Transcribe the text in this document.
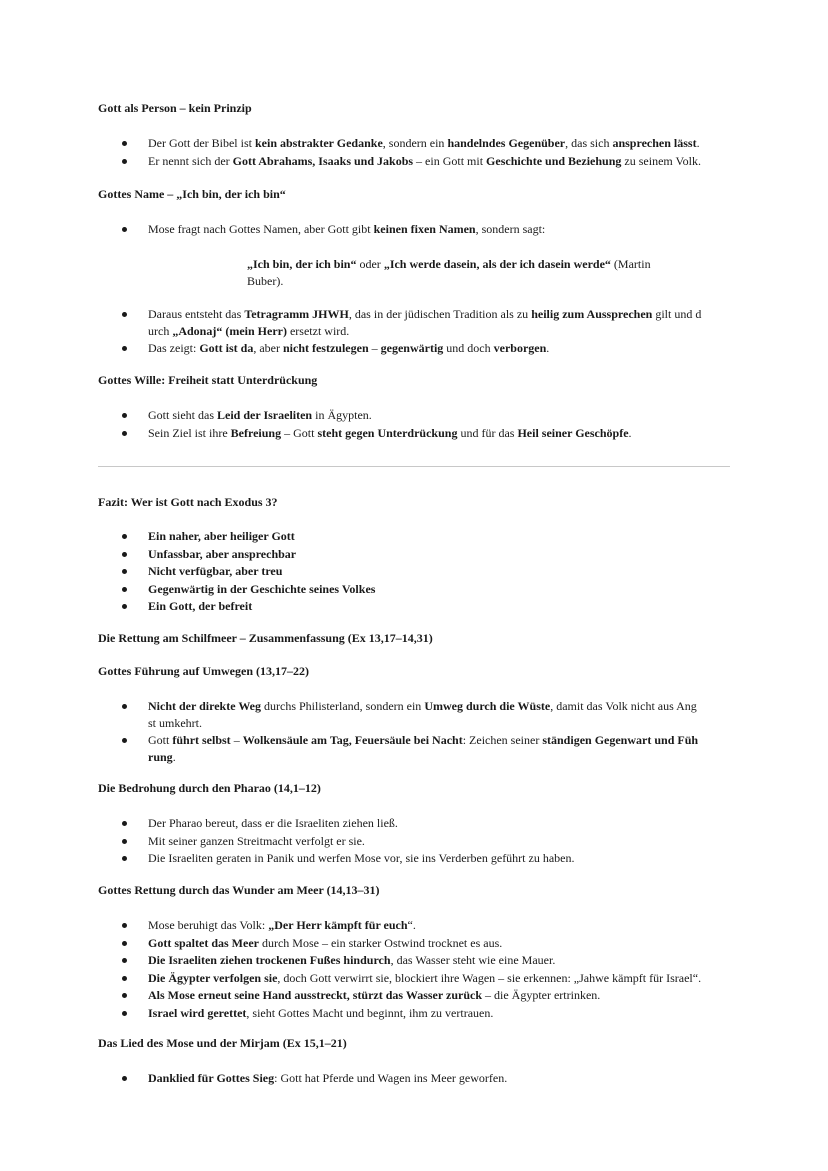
Gott als Person – kein Prinzip
Der Gott der Bibel ist kein abstrakter Gedanke, sondern ein handelndes Gegenüber, das sich ansprechen lässt.
Er nennt sich der Gott Abrahams, Isaaks und Jakobs – ein Gott mit Geschichte und Beziehung zu seinem Volk.
Gottes Name – „Ich bin, der ich bin“
Mose fragt nach Gottes Namen, aber Gott gibt keinen fixen Namen, sondern sagt:
„Ich bin, der ich bin“ oder „Ich werde dasein, als der ich dasein werde“ (Martin Buber).
Daraus entsteht das Tetragramm JHWH, das in der jüdischen Tradition als zu heilig zum Aussprechen gilt und d
urch „Adonaj“ (mein Herr) ersetzt wird.
Das zeigt: Gott ist da, aber nicht festzulegen – gegenwärtig und doch verborgen.
Gottes Wille: Freiheit statt Unterdrückung
Gott sieht das Leid der Israeliten in Ägypten.
Sein Ziel ist ihre Befreiung – Gott steht gegen Unterdrückung und für das Heil seiner Geschöpfe.
Fazit: Wer ist Gott nach Exodus 3?
Ein naher, aber heiliger Gott
Unfassbar, aber ansprechbar
Nicht verfügbar, aber treu
Gegenwärtig in der Geschichte seines Volkes
Ein Gott, der befreit
Die Rettung am Schilfmeer – Zusammenfassung (Ex 13,17–14,31)
Gottes Führung auf Umwegen (13,17–22)
Nicht der direkte Weg durchs Philisterland, sondern ein Umweg durch die Wüste, damit das Volk nicht aus Ang
st umkehrt.
Gott führt selbst – Wolkensäule am Tag, Feuersäule bei Nacht: Zeichen seiner ständigen Gegenwart und Füh
rung.
Die Bedrohung durch den Pharao (14,1–12)
Der Pharao bereut, dass er die Israeliten ziehen ließ.
Mit seiner ganzen Streitmacht verfolgt er sie.
Die Israeliten geraten in Panik und werfen Mose vor, sie ins Verderben geführt zu haben.
Gottes Rettung durch das Wunder am Meer (14,13–31)
Mose beruhigt das Volk: „Der Herr kämpft für euch“.
Gott spaltet das Meer durch Mose – ein starker Ostwind trocknet es aus.
Die Israeliten ziehen trockenen Fußes hindurch, das Wasser steht wie eine Mauer.
Die Ägypter verfolgen sie, doch Gott verwirrt sie, blockiert ihre Wagen – sie erkennen: „Jahwe kämpft für Israel“.
Als Mose erneut seine Hand ausstreckt, stürzt das Wasser zurück – die Ägypter ertrinken.
Israel wird gerettet, sieht Gottes Macht und beginnt, ihm zu vertrauen.
Das Lied des Mose und der Mirjam (Ex 15,1–21)
Danklied für Gottes Sieg: Gott hat Pferde und Wagen ins Meer geworfen.
